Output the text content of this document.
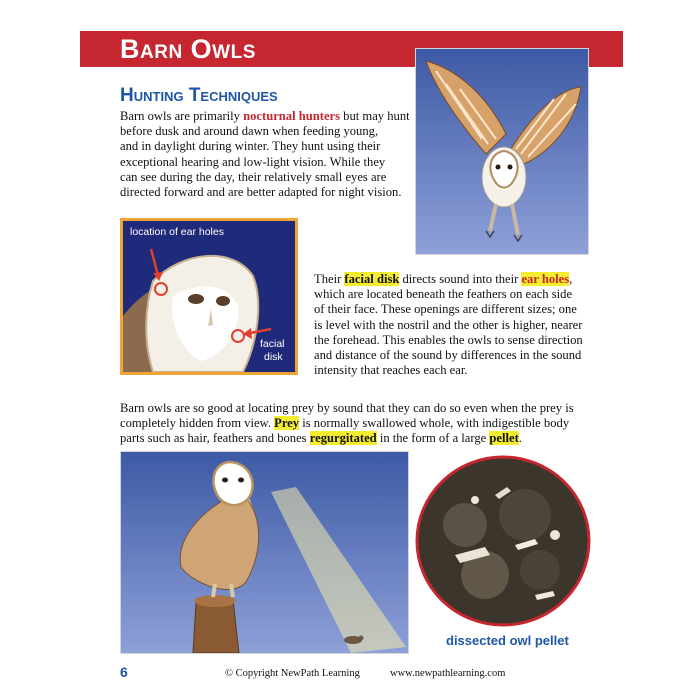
Barn Owls
Hunting Techniques
Barn owls are primarily nocturnal hunters but may hunt
before dusk and around dawn when feeding young,
and in daylight during winter. They hunt using their
exceptional hearing and low-light vision. While they
can see during the day, their relatively small eyes are
directed forward and are better adapted for night vision.
location of ear holes
facial
disk
Their facial disk directs sound into their ear holes,
which are located beneath the feathers on each side
of their face. These openings are different sizes; one
is level with the nostril and the other is higher, nearer
the forehead. This enables the owls to sense direction
and distance of the sound by differences in the sound
intensity that reaches each ear.
Barn owls are so good at locating prey by sound that they can do so even when the prey is
completely hidden from view. Prey is normally swallowed whole, with indigestible body
parts such as hair, feathers and bones regurgitated in the form of a large pellet.
dissected owl pellet
6	© Copyright NewPath Learning	www.newpathlearning.com
